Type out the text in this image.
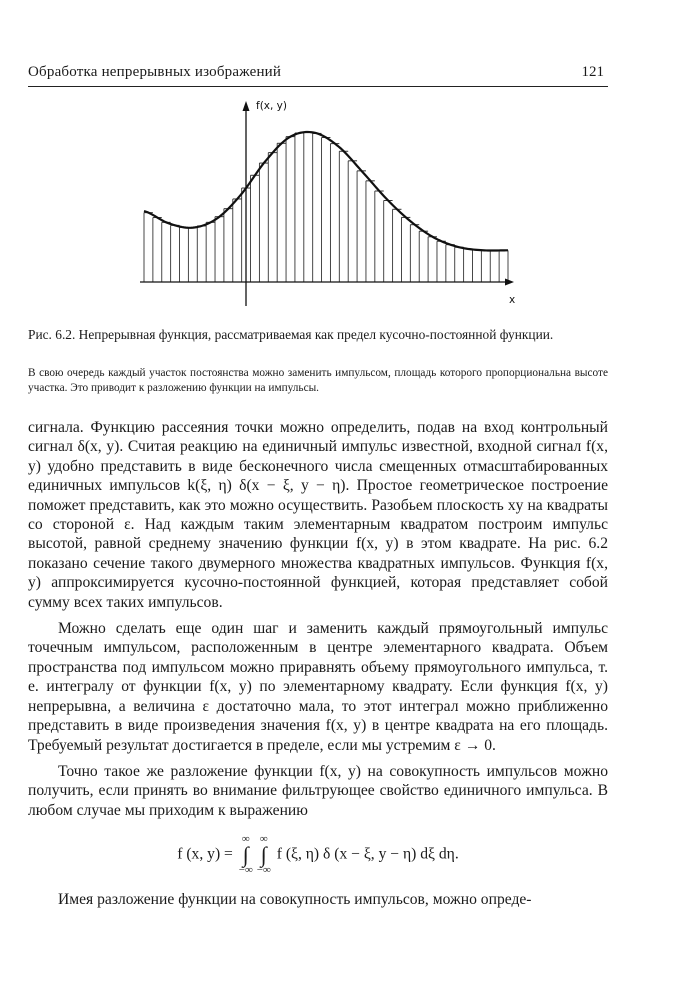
Обработка непрерывных изображений	121
f(x, y)
x
Рис. 6.2. Непрерывная функция, рассматриваемая как предел кусочно-постоянной функции.
В свою очередь каждый участок постоянства можно заменить импульсом, площадь которого пропорциональна высоте участка. Это приводит к разложению функции на импульсы.

сигнала. Функцию рассеяния точки можно определить, подав на вход контрольный сигнал δ(x, y). Считая реакцию на единичный импульс известной, входной сигнал f(x, y) удобно представить в виде бесконечного числа смещенных отмасштабированных единичных импульсов k(ξ, η) δ(x − ξ, y − η). Простое геометрическое построение поможет представить, как это можно осуществить. Разобьем плоскость xy на квадраты со стороной ε. Над каждым таким элементарным квадратом построим импульс высотой, равной среднему значению функции f(x, y) в этом квадрате. На рис. 6.2 показано сечение такого двумерного множества квадратных импульсов. Функция f(x, y) аппроксимируется кусочно-постоянной функцией, которая представляет собой сумму всех таких импульсов.

Можно сделать еще один шаг и заменить каждый прямоугольный импульс точечным импульсом, расположенным в центре элементарного квадрата. Объем пространства под импульсом можно приравнять объему прямоугольного импульса, т. е. интегралу от функции f(x, y) по элементарному квадрату. Если функция f(x, y) непрерывна, а величина ε достаточно мала, то этот интеграл можно приближенно представить в виде произведения значения f(x, y) в центре квадрата на его площадь. Требуемый результат достигается в пределе, если мы устремим ε → 0.

Точно такое же разложение функции f(x, y) на совокупность импульсов можно получить, если принять во внимание фильтрующее свойство единичного импульса. В любом случае мы приходим к выражению

f (x, y) = ∞
∫
−∞∞
∫
−∞ f (ξ, η) δ (x − ξ, y − η) dξ dη.

Имея разложение функции на совокупность импульсов, можно опреде-
